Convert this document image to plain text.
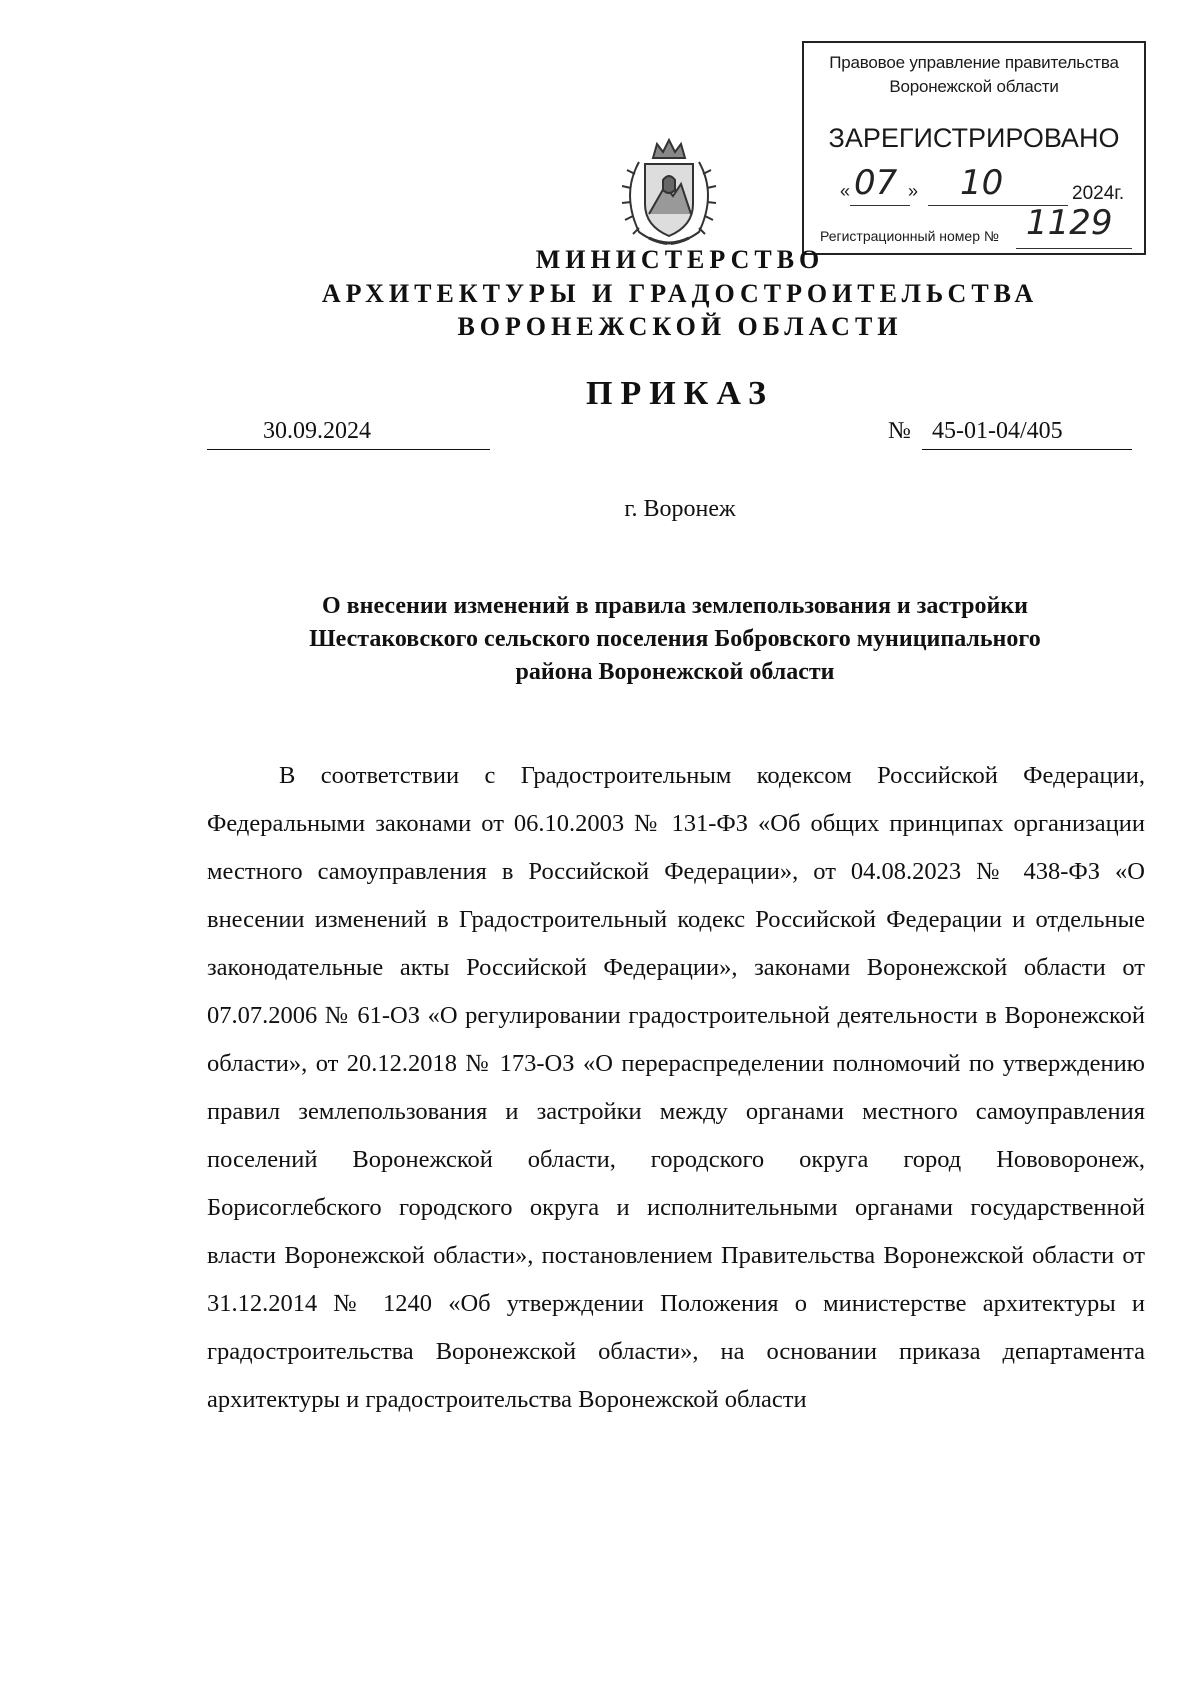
Правовое управление правительства
Воронежской области
ЗАРЕГИСТРИРОВАНО
« 07 » 10	2024г.
Регистрационный номер № 1129
МИНИСТЕРСТВО
АРХИТЕКТУРЫ И ГРАДОСТРОИТЕЛЬСТВА
ВОРОНЕЖСКОЙ ОБЛАСТИ
ПРИКАЗ
30.09.2024	№ 45-01-04/405
г. Воронеж
О внесении изменений в правила землепользования и застройки
Шестаковского сельского поселения Бобровского муниципального
района Воронежской области

В соответствии с Градостроительным кодексом Российской Федерации, Федеральными законами от 06.10.2003 № 131-ФЗ «Об общих принципах организации местного самоуправления в Российской Федерации», от 04.08.2023 № 438-ФЗ «О внесении изменений в Градостроительный кодекс Российской Федерации и отдельные законодательные акты Российской Федерации», законами Воронежской области от 07.07.2006 № 61-ОЗ «О регулировании градостроительной деятельности в Воронежской области», от 20.12.2018 № 173-ОЗ «О перераспределении полномочий по утверждению правил землепользования и застройки между органами местного самоуправления поселений Воронежской области, городского округа город Нововоронеж, Борисоглебского городского округа и исполнительными органами государственной власти Воронежской области», постановлением Правительства Воронежской области от 31.12.2014 № 1240 «Об утверждении Положения о министерстве архитектуры и градостроительства Воронежской области», на основании приказа департамента архитектуры и градостроительства Воронежской области
